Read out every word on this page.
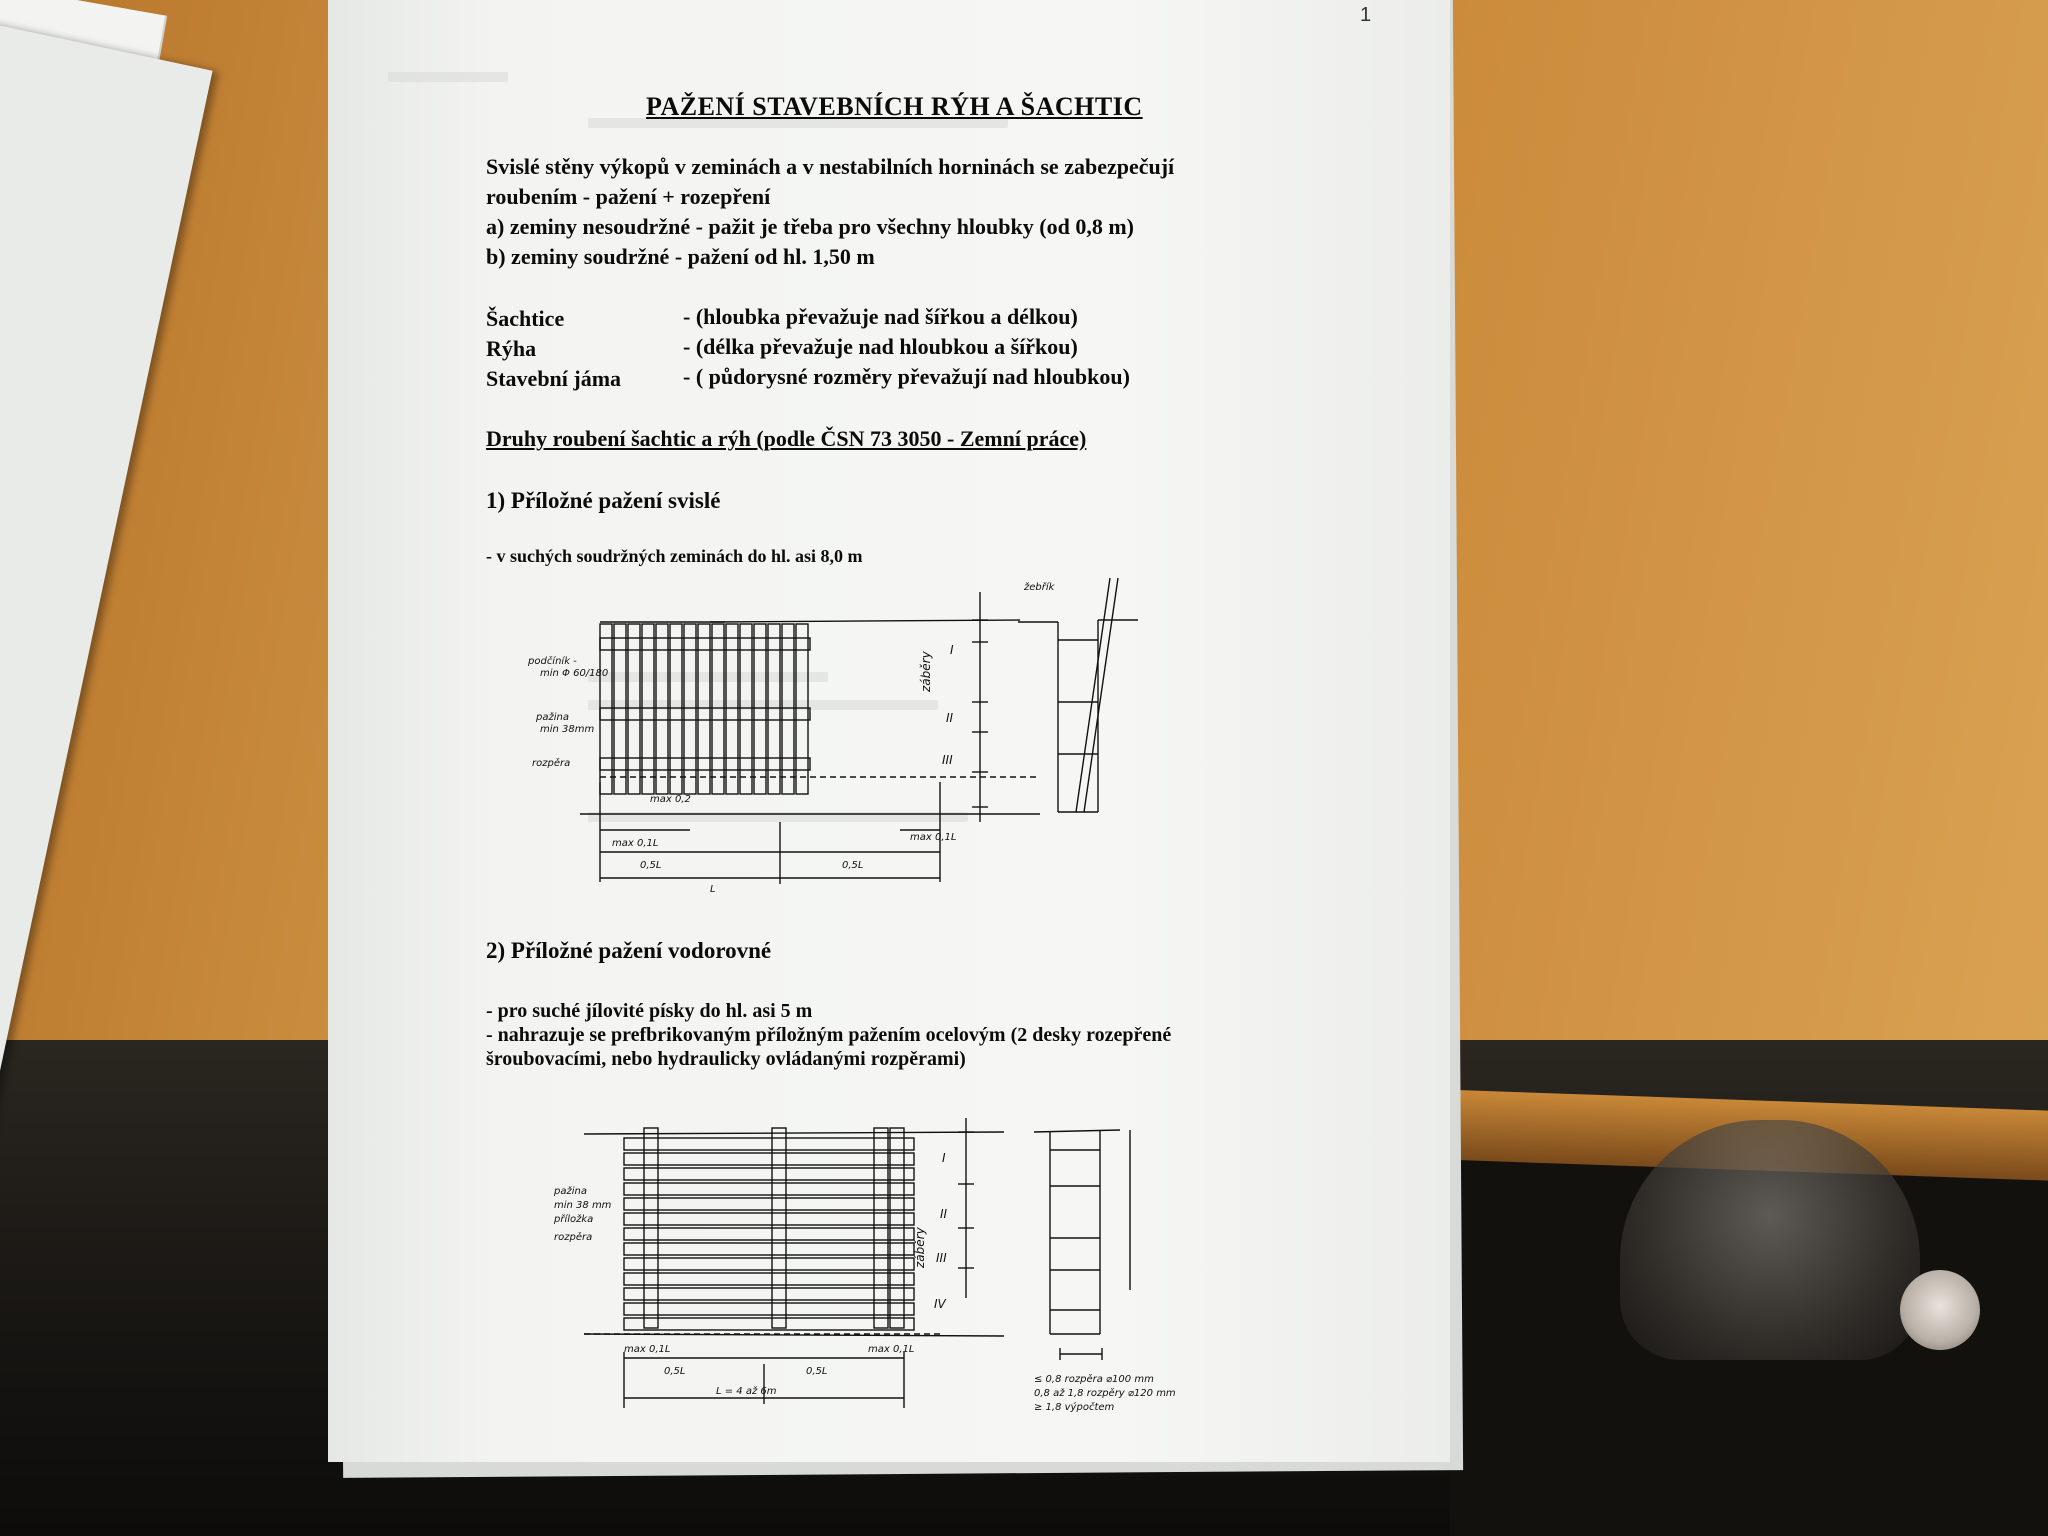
1
PAŽENÍ STAVEBNÍCH RÝH A ŠACHTIC
Svislé stěny výkopů v zeminách a v nestabilních horninách se zabezpečují
roubením - pažení + rozepření
a) zeminy nesoudržné - pažit je třeba pro všechny hloubky (od 0,8 m)
b) zeminy soudržné - pažení od hl. 1,50 m
Šachtice	- (hloubka převažuje nad šířkou a délkou)
Rýha	- (délka převažuje nad hloubkou a šířkou)
Stavební jáma	- ( půdorysné rozměry převažují nad hloubkou)
Druhy roubení šachtic a rýh (podle ČSN 73 3050 - Zemní práce)
1) Příložné pažení svislé
- v suchých soudržných zeminách do hl. asi 8,0 m
podčíník -
min Φ 60/180
pažina
min 38mm
rozpěra
max 0,2
max 0,1L
max 0,1L
0,5L	0,5L
L
záběry
I
II
III
žebřík
2) Příložné pažení vodorovné
- pro suché jílovité písky do hl. asi 5 m
- nahrazuje se prefbrikovaným příložným pažením ocelovým (2 desky rozepřené
šroubovacími, nebo hydraulicky ovládanými rozpěrami)
pažina
min 38 mm
příložka
rozpěra
max 0,1L	max 0,1L
0,5L	0,5L
L = 4 až 6m
záběry
I
II
III
IV
≤ 0,8 rozpěra ⌀100 mm
0,8 až 1,8 rozpěry ⌀120 mm
≥ 1,8 výpočtem
